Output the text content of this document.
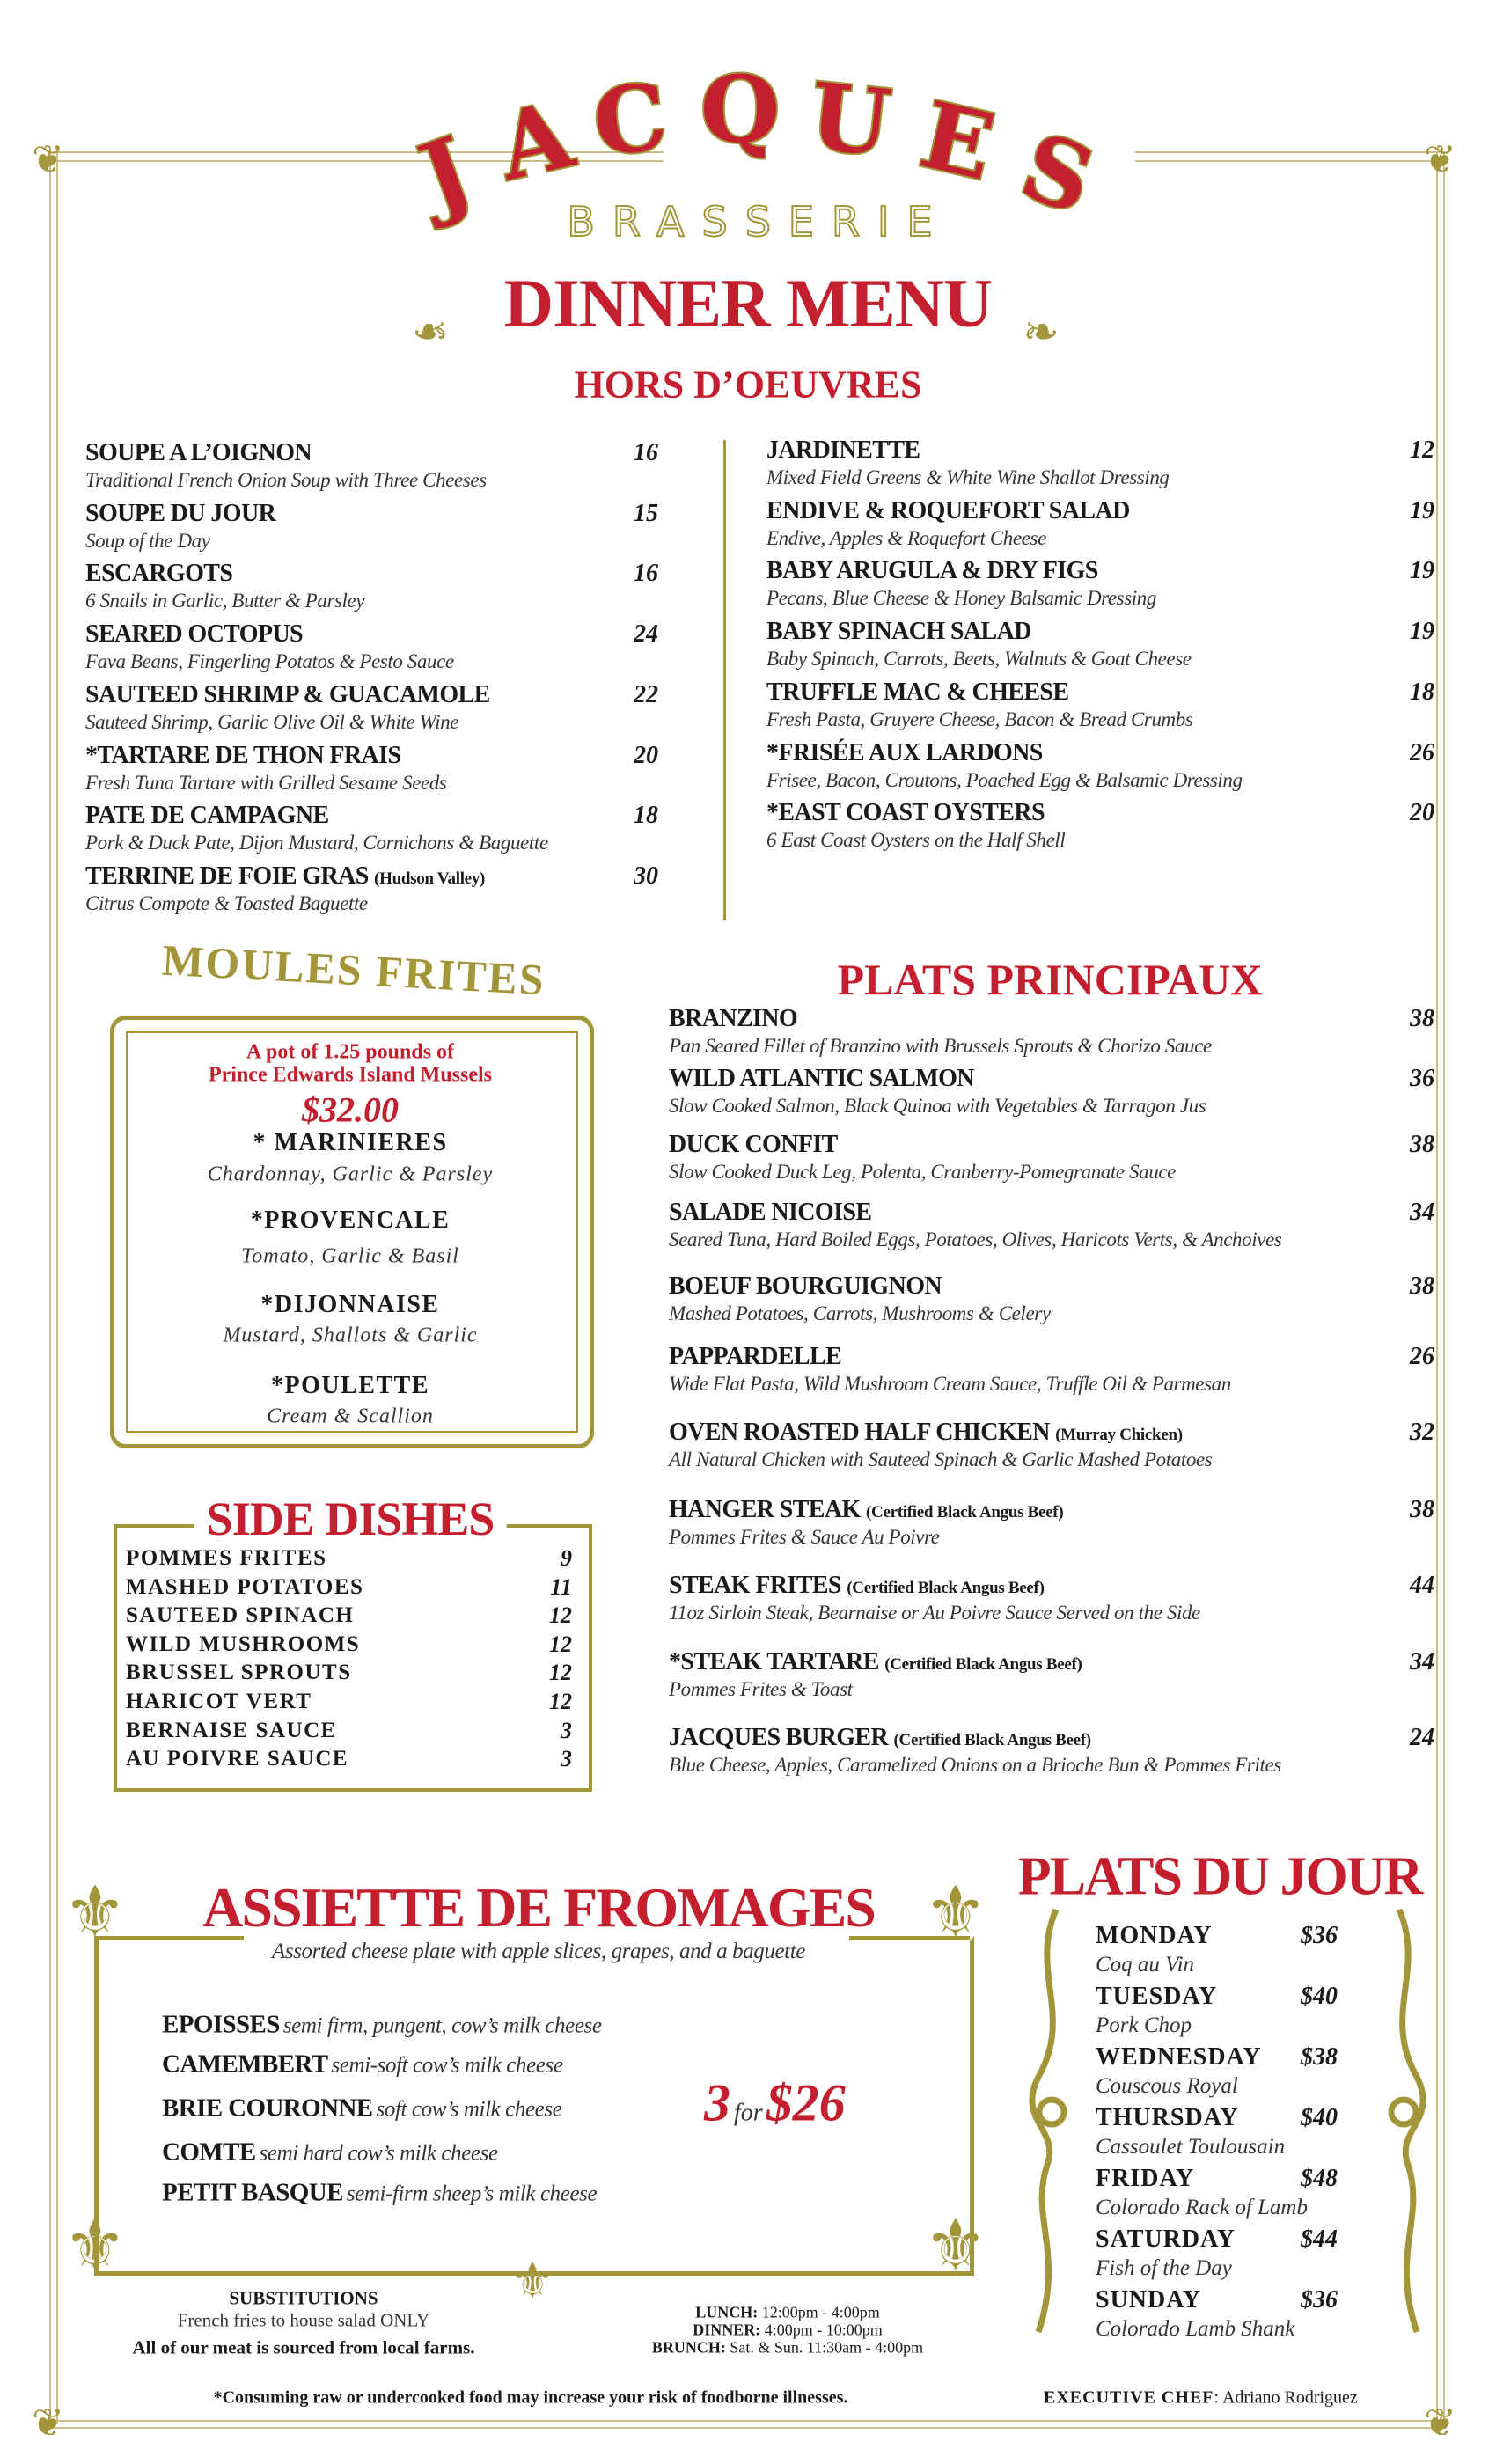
❦	❦
❦	❦
J A C Q U E S
BRASSERIE
DINNER MENU
❧	❧
HORS D’OEUVRES
SOUPE A L’OIGNON
Traditional French Onion Soup with Three Cheeses
16
SOUPE DU JOUR
Soup of the Day
15
ESCARGOTS
6 Snails in Garlic, Butter & Parsley
16
SEARED OCTOPUS
Fava Beans, Fingerling Potatos & Pesto Sauce
24
SAUTEED SHRIMP & GUACAMOLE
Sauteed Shrimp, Garlic Olive Oil & White Wine
22
*TARTARE DE THON FRAIS
Fresh Tuna Tartare with Grilled Sesame Seeds
20
PATE DE CAMPAGNE
Pork & Duck Pate, Dijon Mustard, Cornichons & Baguette
18
TERRINE DE FOIE GRAS (Hudson Valley)
Citrus Compote & Toasted Baguette
30
JARDINETTE
Mixed Field Greens & White Wine Shallot Dressing
12
ENDIVE & ROQUEFORT SALAD
Endive, Apples & Roquefort Cheese
19
BABY ARUGULA & DRY FIGS
Pecans, Blue Cheese & Honey Balsamic Dressing
19
BABY SPINACH SALAD
Baby Spinach, Carrots, Beets, Walnuts & Goat Cheese
19
TRUFFLE MAC & CHEESE
Fresh Pasta, Gruyere Cheese, Bacon & Bread Crumbs
18
*FRISÉE AUX LARDONS
Frisee, Bacon, Croutons, Poached Egg & Balsamic Dressing
26
*EAST COAST OYSTERS
6 East Coast Oysters on the Half Shell
20
MOULES FRITES
A pot of 1.25 pounds of
Prince Edwards Island Mussels
$32.00
* MARINIERES
Chardonnay, Garlic & Parsley
*PROVENCALE
Tomato, Garlic & Basil
*DIJONNAISE
Mustard, Shallots & Garlic
*POULETTE
Cream & Scallion
SIDE DISHES
POMMES FRITES	9
MASHED POTATOES	11
SAUTEED SPINACH	12
WILD MUSHROOMS	12
BRUSSEL SPROUTS	12
HARICOT VERT	12
BERNAISE SAUCE	3
AU POIVRE SAUCE	3
PLATS PRINCIPAUX
BRANZINO
Pan Seared Fillet of Branzino with Brussels Sprouts & Chorizo Sauce
38
WILD ATLANTIC SALMON
Slow Cooked Salmon, Black Quinoa with Vegetables & Tarragon Jus
36
DUCK CONFIT
Slow Cooked Duck Leg, Polenta, Cranberry-Pomegranate Sauce
38
SALADE NICOISE
Seared Tuna, Hard Boiled Eggs, Potatoes, Olives, Haricots Verts, & Anchoives
34
BOEUF BOURGUIGNON
Mashed Potatoes, Carrots, Mushrooms & Celery
38
PAPPARDELLE
Wide Flat Pasta, Wild Mushroom Cream Sauce, Truffle Oil & Parmesan
26
OVEN ROASTED HALF CHICKEN (Murray Chicken)
All Natural Chicken with Sauteed Spinach & Garlic Mashed Potatoes
32
HANGER STEAK (Certified Black Angus Beef)
Pommes Frites & Sauce Au Poivre
38
STEAK FRITES (Certified Black Angus Beef)
11oz Sirloin Steak, Bearnaise or Au Poivre Sauce Served on the Side
44
*STEAK TARTARE (Certified Black Angus Beef)
Pommes Frites & Toast
34
JACQUES BURGER (Certified Black Angus Beef)
Blue Cheese, Apples, Caramelized Onions on a Brioche Bun & Pommes Frites
24
⚜	⚜
⚜	⚜
⚜
ASSIETTE DE FROMAGES
Assorted cheese plate with apple slices, grapes, and a baguette
EPOISSES semi firm, pungent, cow’s milk cheese
CAMEMBERT semi-soft cow’s milk cheese
BRIE COURONNE soft cow’s milk cheese
COMTE semi hard cow’s milk cheese
PETIT BASQUE semi-firm sheep’s milk cheese
3 for $26
SUBSTITUTIONS
French fries to house salad ONLY
All of our meat is sourced from local farms.
LUNCH: 12:00pm - 4:00pm
DINNER: 4:00pm - 10:00pm
BRUNCH: Sat. & Sun. 11:30am - 4:00pm
*Consuming raw or undercooked food may increase your risk of foodborne illnesses.	EXECUTIVE CHEF: Adriano Rodriguez
PLATS DU JOUR
MONDAY	$36
Coq au Vin
TUESDAY	$40
Pork Chop
WEDNESDAY $38
Couscous Royal
THURSDAY	$40
Cassoulet Toulousain
FRIDAY	$48
Colorado Rack of Lamb
SATURDAY	$44
Fish of the Day
SUNDAY	$36
Colorado Lamb Shank
